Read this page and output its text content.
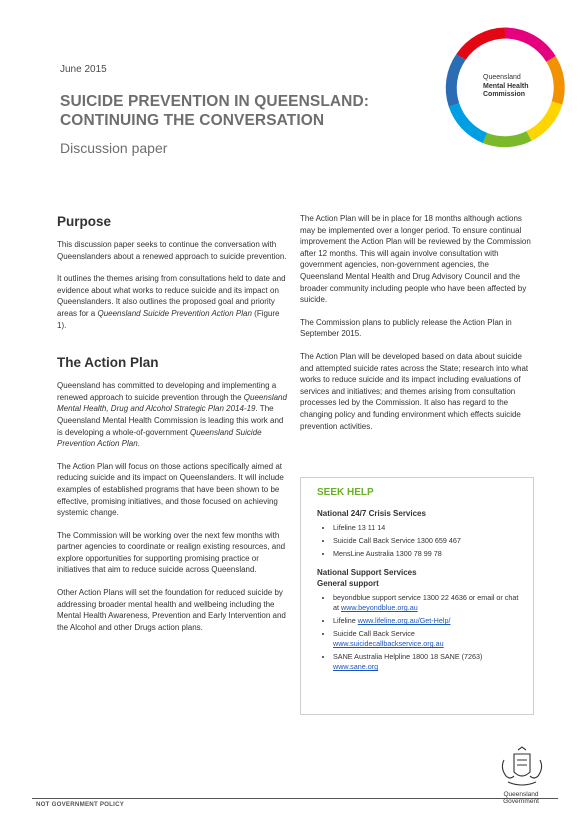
June 2015
SUICIDE PREVENTION IN QUEENSLAND:
CONTINUING THE CONVERSATION
Discussion paper
Queensland
Mental Health
Commission
Purpose

This discussion paper seeks to continue the conversation with Queenslanders about a renewed approach to suicide prevention.

It outlines the themes arising from consultations held to date and evidence about what works to reduce suicide and its impact on Queenslanders. It also outlines the proposed goal and priority areas for a Queensland Suicide Prevention Action Plan (Figure 1).

The Action Plan

Queensland has committed to developing and implementing a renewed approach to suicide prevention through the Queensland Mental Health, Drug and Alcohol Strategic Plan 2014-19. The Queensland Mental Health Commission is leading this work and is developing a whole-of-government Queensland Suicide Prevention Action Plan.

The Action Plan will focus on those actions specifically aimed at reducing suicide and its impact on Queenslanders. It will include examples of established programs that have been shown to be effective, promising initiatives, and those focused on achieving systemic change.

The Commission will be working over the next few months with partner agencies to coordinate or realign existing resources, and explore opportunities for supporting promising practice or initiatives that aim to reduce suicide across Queensland.

Other Action Plans will set the foundation for reduced suicide by addressing broader mental health and wellbeing including the Mental Health Awareness, Prevention and Early Intervention and the Alcohol and other Drugs action plans.

The Action Plan will be in place for 18 months although actions may be implemented over a longer period. To ensure continual improvement the Action Plan will be reviewed by the Commission after 12 months. This will again involve consultation with government agencies, non-government agencies, the Queensland Mental Health and Drug Advisory Council and the broader community including people who have been affected by suicide.

The Commission plans to publicly release the Action Plan in September 2015.

The Action Plan will be developed based on data about suicide and attempted suicide rates across the State; research into what works to reduce suicide and its impact including evaluations of services and initiatives; and themes arising from consultation processes led by the Commission. It also has regard to the changing policy and funding environment which effects suicide prevention activities.

SEEK HELP
National 24/7 Crisis Services
• Lifeline 13 11 14
• Suicide Call Back Service 1300 659 467
• MensLine Australia 1300 78 99 78
National Support Services
General support
• beyondblue support service 1300 22 4636 or email or chat at www.beyondblue.org.au
• Lifeline www.lifeline.org.au/Get-Help/
• Suicide Call Back Service
www.suicidecallbackservice.org.au
• SANE Australia Helpline 1800 18 SANE (7263)
www.sane.org
NOT GOVERNMENT POLICY
Queensland
Government
